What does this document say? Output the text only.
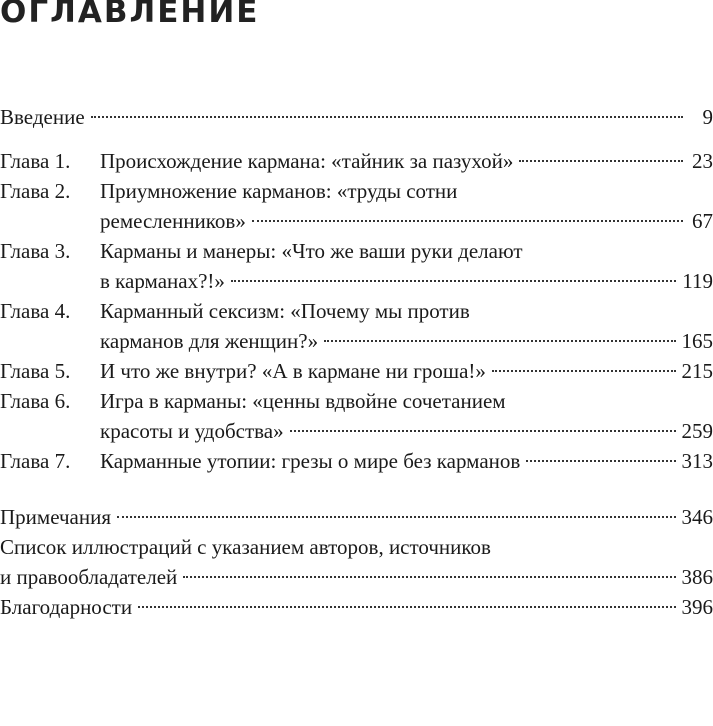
ОГЛАВЛЕНИЕ
Введение	9
Глава 1.	Происхождение кармана: «тайник за пазухой»	23
Глава 2.	Приумножение карманов: «труды сотни
ремесленников»	67
Глава 3.	Карманы и манеры: «Что же ваши руки делают
в карманах?!»	119
Глава 4.	Карманный сексизм: «Почему мы против
карманов для женщин?»	165
Глава 5.	И что же внутри? «А в кармане ни гроша!»	215
Глава 6.	Игра в карманы: «ценны вдвойне сочетанием
красоты и удобства»	259
Глава 7.	Карманные утопии: грезы о мире без карманов	313
Примечания	346
Список иллюстраций с указанием авторов, источников
и правообладателей	386
Благодарности	396
